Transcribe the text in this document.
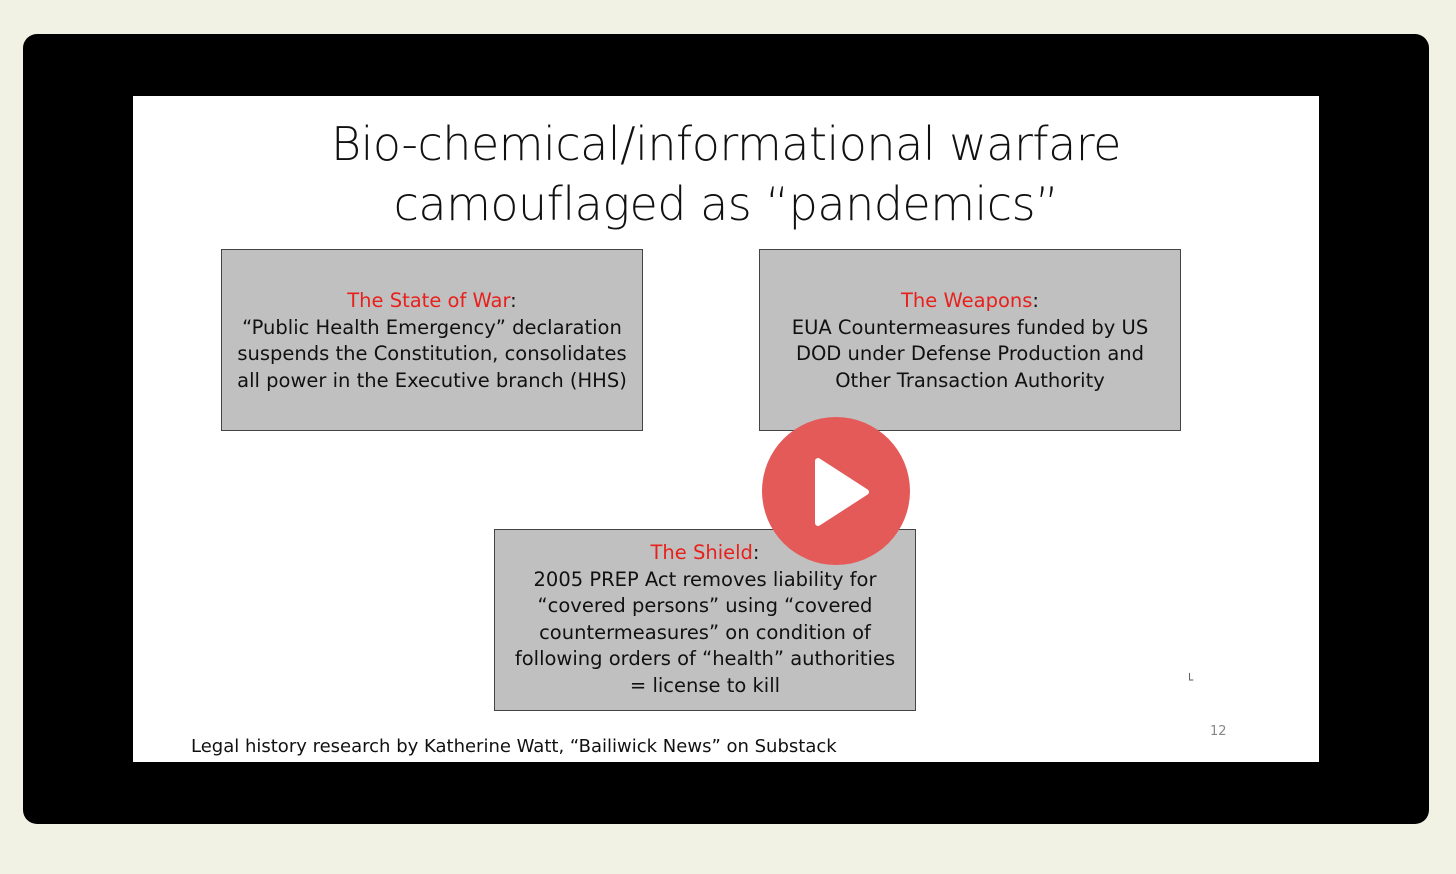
Bio-chemical/informational warfare
camouflaged as “pandemics”
The State of War:
“Public Health Emergency” declaration
suspends the Constitution, consolidates
all power in the Executive branch (HHS)
The Weapons:
EUA Countermeasures funded by US
DOD under Defense Production and
Other Transaction Authority
The Shield:
2005 PREP Act removes liability for
“covered persons” using “covered
countermeasures” on condition of
following orders of “health” authorities
= license to kill
Legal history research by Katherine Watt, “Bailiwick News” on Substack
12
└
